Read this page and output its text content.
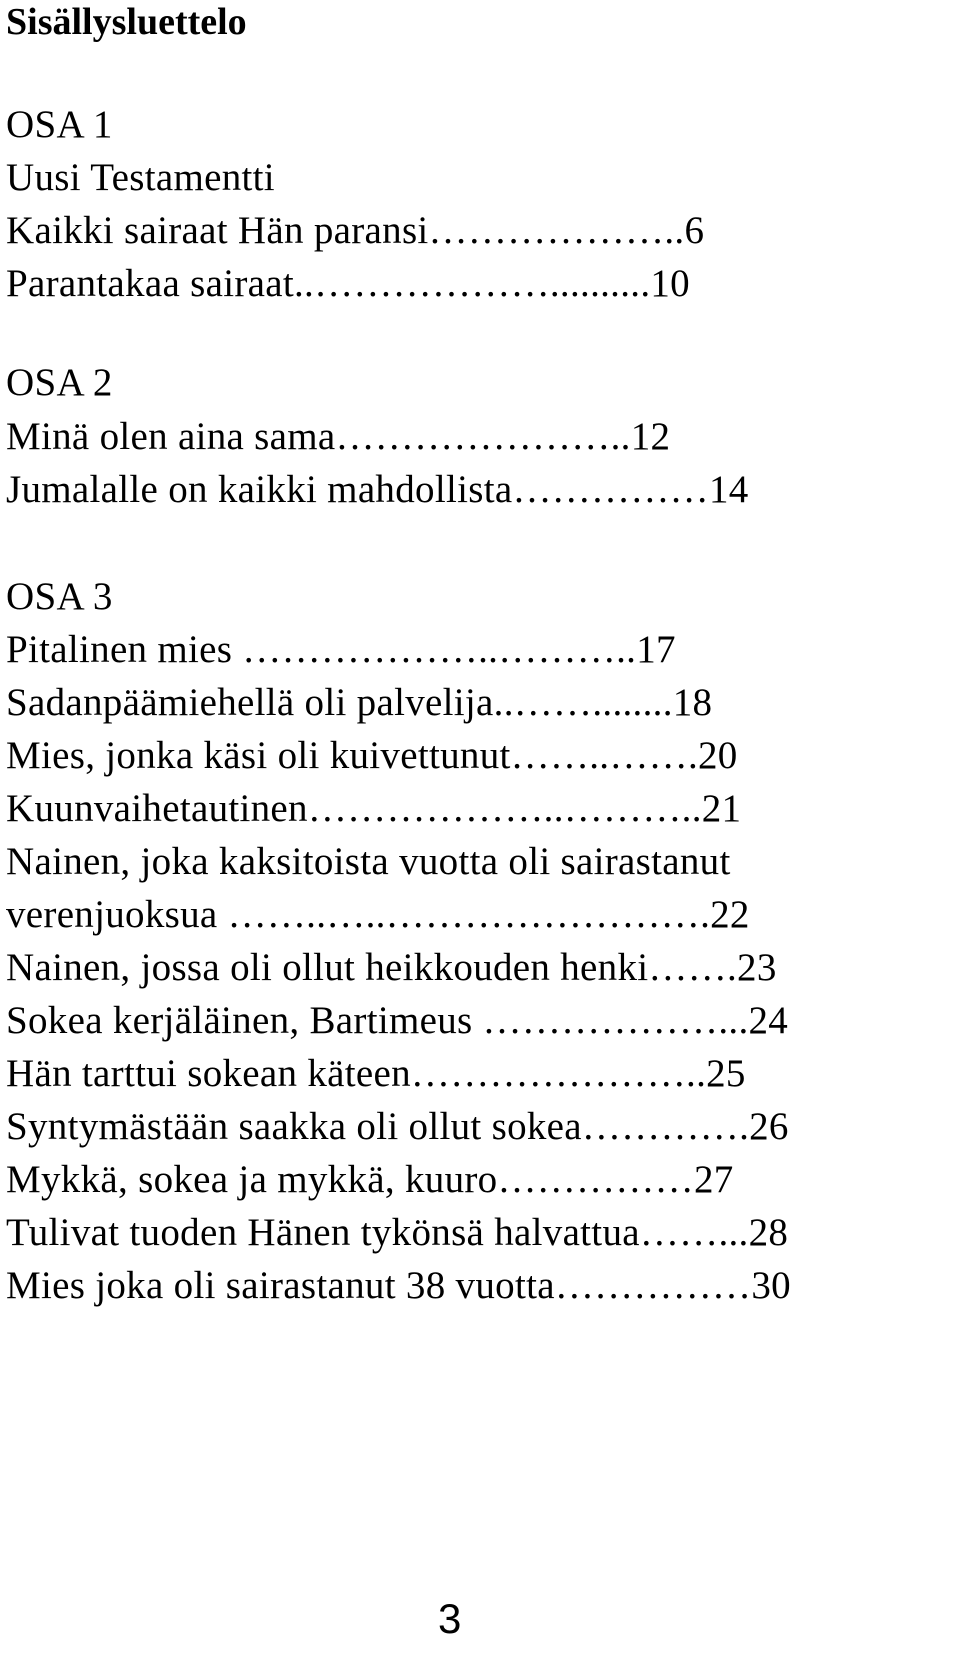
Sisällysluettelo
OSA 1
Uusi Testamentti
Kaikki sairaat Hän paransi………………..6
Parantakaa sairaat..………………..........10
OSA 2
Minä olen aina sama…………………..12
Jumalalle on kaikki mahdollista……………14
OSA 3
Pitalinen mies ………………..………..17
Sadanpäämiehellä oli palvelija..……........18
Mies, jonka käsi oli kuivettunut……..…….20
Kuunvaihetautinen………………..………..21
Nainen, joka kaksitoista vuotta oli sairastanut
verenjuoksua ……..…..…………………….22
Nainen, jossa oli ollut heikkouden henki…….23
Sokea kerjäläinen, Bartimeus ………………...24
Hän tarttui sokean käteen…………………..25
Syntymästään saakka oli ollut sokea………….26
Mykkä, sokea ja mykkä, kuuro……………27
Tulivat tuoden Hänen tykönsä halvattua……...28
Mies joka oli sairastanut 38 vuotta……………30
3
